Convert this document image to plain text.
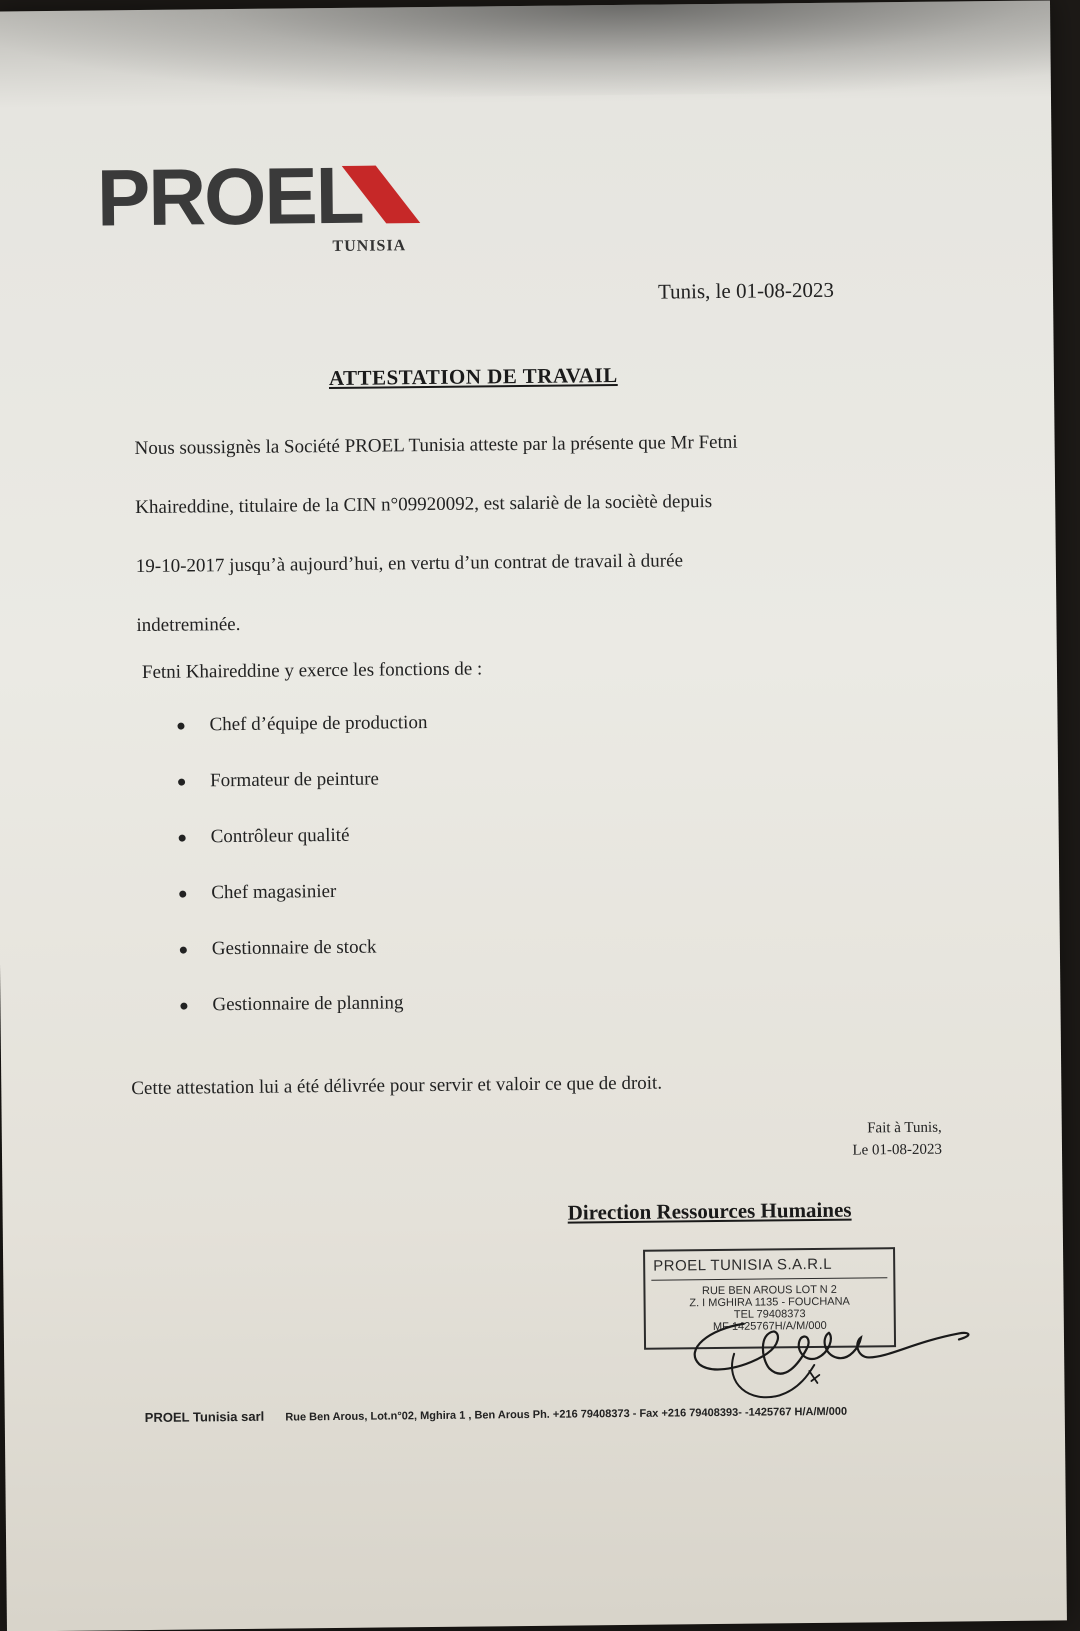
PROEL
TUNISIA
Tunis, le 01-08-2023
ATTESTATION DE TRAVAIL
Nous soussignès la Société PROEL Tunisia atteste par la présente que Mr Fetni
Khaireddine, titulaire de la CIN n°09920092, est salariè de la sociètè depuis
19-10-2017 jusqu’à aujourd’hui, en vertu d’un contrat de travail à durée
indetreminée.
Fetni Khaireddine y exerce les fonctions de :
Chef d’équipe de production
Formateur de peinture
Contrôleur qualité
Chef magasinier
Gestionnaire de stock
Gestionnaire de planning
Cette attestation lui a été délivrée pour servir et valoir ce que de droit.
Fait à Tunis,
Le 01-08-2023
Direction Ressources Humaines
PROEL TUNISIA S.A.R.L
RUE BEN AROUS LOT N 2
Z. I MGHIRA 1135 - FOUCHANA
TEL 79408373
MF 1425767H/A/M/000
PROEL Tunisia sarl Rue Ben Arous, Lot.n°02, Mghira 1 , Ben Arous Ph. +216 79408373 - Fax +216 79408393- -1425767 H/A/M/000
